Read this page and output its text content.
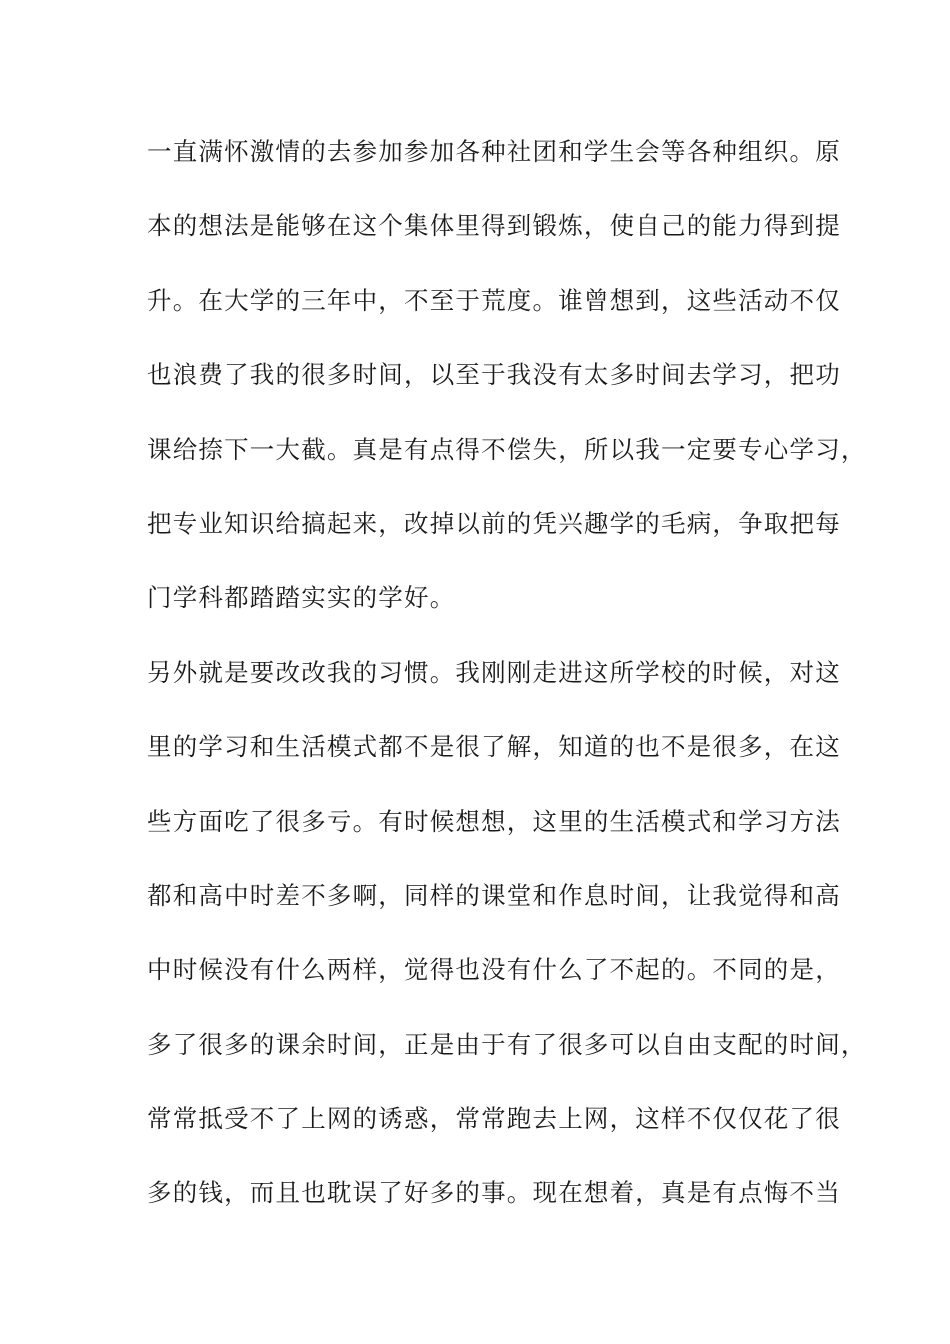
一直满怀激情的去参加参加各种社团和学生会等各种组织。原
本的想法是能够在这个集体里得到锻炼，使自己的能力得到提
升。在大学的三年中，不至于荒度。谁曾想到，这些活动不仅
也浪费了我的很多时间，以至于我没有太多时间去学习，把功
课给捺下一大截。真是有点得不偿失，所以我一定要专心学习，
把专业知识给搞起来，改掉以前的凭兴趣学的毛病，争取把每
门学科都踏踏实实的学好。
另外就是要改改我的习惯。我刚刚走进这所学校的时候，对这
里的学习和生活模式都不是很了解，知道的也不是很多，在这
些方面吃了很多亏。有时候想想，这里的生活模式和学习方法
都和高中时差不多啊，同样的课堂和作息时间，让我觉得和高
中时候没有什么两样，觉得也没有什么了不起的。不同的是，
多了很多的课余时间，正是由于有了很多可以自由支配的时间，
常常抵受不了上网的诱惑，常常跑去上网，这样不仅仅花了很
多的钱，而且也耽误了好多的事。现在想着，真是有点悔不当
